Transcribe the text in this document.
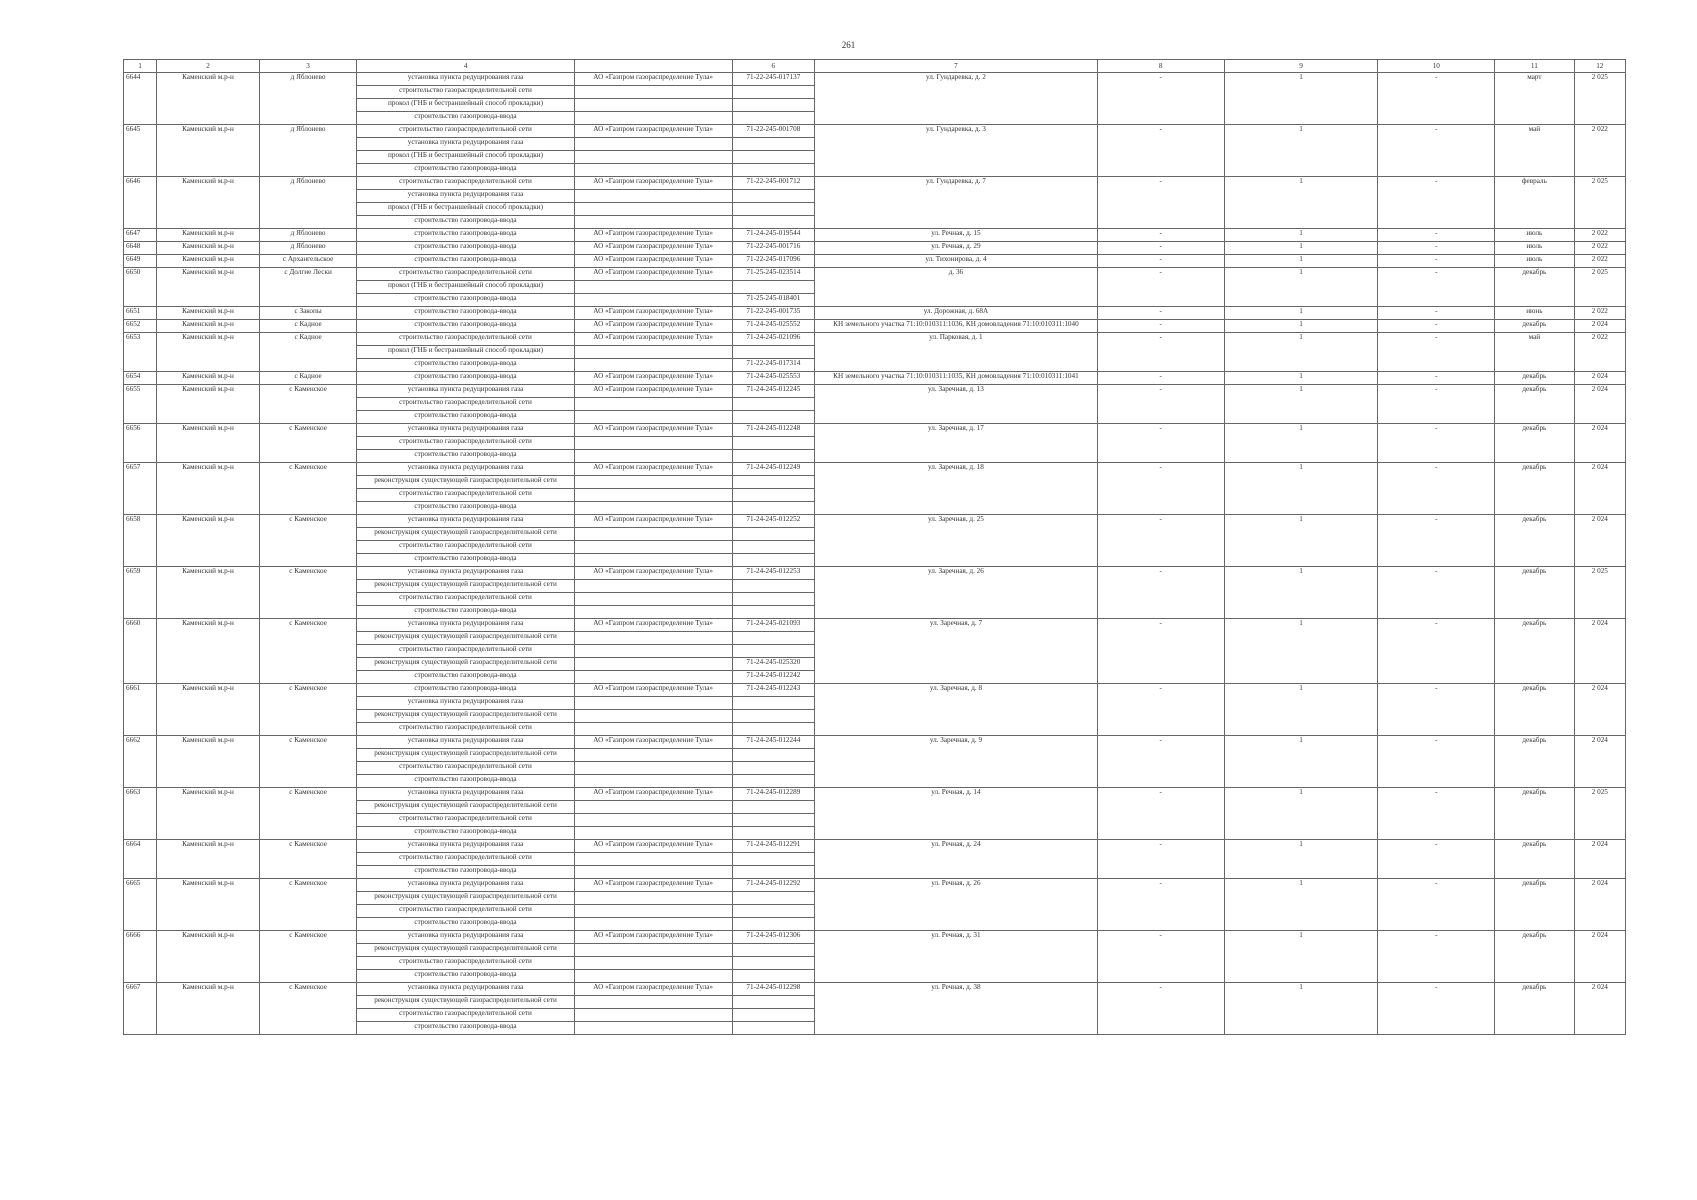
261
1	2	3	4		6	7	8	9	10	11	12
6644	Каменский м.р-н	д Яблонево	установка пункта редуцирования газа	АО «Газпром газораспределение Тула»	71-22-245-017137	ул. Гундаревка, д. 2	-	1	-	март	2 025
			строительство газораспределительной сети								
			прокол (ГНБ и бестраншейный способ прокладки)								
			строительство газопровода-ввода								
6645	Каменский м.р-н	д Яблонево	строительство газораспределительной сети	АО «Газпром газораспределение Тула»	71-22-245-001708	ул. Гундаревка, д. 3	-	1	-	май	2 022
			установка пункта редуцирования газа								
			прокол (ГНБ и бестраншейный способ прокладки)								
			строительство газопровода-ввода								
6646	Каменский м.р-н	д Яблонево	строительство газораспределительной сети	АО «Газпром газораспределение Тула»	71-22-245-001712	ул. Гундаревка, д. 7	-	1	-	февраль	2 025
			установка пункта редуцирования газа								
			прокол (ГНБ и бестраншейный способ прокладки)								
			строительство газопровода-ввода								
6647	Каменский м.р-н	д Яблонево	строительство газопровода-ввода	АО «Газпром газораспределение Тула»	71-24-245-019544	ул. Речная, д. 15	-	1	-	июль	2 022
6648	Каменский м.р-н	д Яблонево	строительство газопровода-ввода	АО «Газпром газораспределение Тула»	71-22-245-001716	ул. Речная, д. 29	-	1	-	июль	2 022
6649	Каменский м.р-н	с Архангельское	строительство газопровода-ввода	АО «Газпром газораспределение Тула»	71-22-245-017096	ул. Тихонирова, д. 4	-	1	-	июль	2 022
6650	Каменский м.р-н	с Долгие Лески	строительство газораспределительной сети	АО «Газпром газораспределение Тула»	71-25-245-023514	д. 36	-	1	-	декабрь	2 025
			прокол (ГНБ и бестраншейный способ прокладки)								
			строительство газопровода-ввода		71-25-245-018401						
6651	Каменский м.р-н	с Закопы	строительство газопровода-ввода	АО «Газпром газораспределение Тула»	71-22-245-001735	ул. Дорожная, д. 68А	-	1	-	июнь	2 022
6652	Каменский м.р-н	с Кадное	строительство газопровода-ввода	АО «Газпром газораспределение Тула»	71-24-245-025552	КН земельного участка 71:10:010311:1036, КН домовладения 71:10:010311:1040	-	1	-	декабрь	2 024
6653	Каменский м.р-н	с Кадное	строительство газораспределительной сети	АО «Газпром газораспределение Тула»	71-24-245-021096	ул. Парковая, д. 1	-	1	-	май	2 022
			прокол (ГНБ и бестраншейный способ прокладки)								
			строительство газопровода-ввода		71-22-245-017314						
6654	Каменский м.р-н	с Кадное	строительство газопровода-ввода	АО «Газпром газораспределение Тула»	71-24-245-025553	КН земельного участка 71:10:010311:1035, КН домовладения 71:10:010311:1041	-	1	-	декабрь	2 024
6655	Каменский м.р-н	с Каменское	установка пункта редуцирования газа	АО «Газпром газораспределение Тула»	71-24-245-012245	ул. Заречная, д. 13	-	1	-	декабрь	2 024
			строительство газораспределительной сети								
			строительство газопровода-ввода								
6656	Каменский м.р-н	с Каменское	установка пункта редуцирования газа	АО «Газпром газораспределение Тула»	71-24-245-012248	ул. Заречная, д. 17	-	1	-	декабрь	2 024
			строительство газораспределительной сети								
			строительство газопровода-ввода								
6657	Каменский м.р-н	с Каменское	установка пункта редуцирования газа	АО «Газпром газораспределение Тула»	71-24-245-012249	ул. Заречная, д. 18	-	1	-	декабрь	2 024
			реконструкция существующей газораспределительной сети								
			строительство газораспределительной сети								
			строительство газопровода-ввода								
6658	Каменский м.р-н	с Каменское	установка пункта редуцирования газа	АО «Газпром газораспределение Тула»	71-24-245-012252	ул. Заречная, д. 25	-	1	-	декабрь	2 024
			реконструкция существующей газораспределительной сети								
			строительство газораспределительной сети								
			строительство газопровода-ввода								
6659	Каменский м.р-н	с Каменское	установка пункта редуцирования газа	АО «Газпром газораспределение Тула»	71-24-245-012253	ул. Заречная, д. 26	-	1	-	декабрь	2 025
			реконструкция существующей газораспределительной сети								
			строительство газораспределительной сети								
			строительство газопровода-ввода								
6660	Каменский м.р-н	с Каменское	установка пункта редуцирования газа	АО «Газпром газораспределение Тула»	71-24-245-021093	ул. Заречная, д. 7	-	1	-	декабрь	2 024
			реконструкция существующей газораспределительной сети								
			строительство газораспределительной сети								
			реконструкция существующей газораспределительной сети		71-24-245-025320						
			строительство газопровода-ввода		71-24-245-012242						
6661	Каменский м.р-н	с Каменское	строительство газопровода-ввода	АО «Газпром газораспределение Тула»	71-24-245-012243	ул. Заречная, д. 8	-	1	-	декабрь	2 024
			установка пункта редуцирования газа								
			реконструкция существующей газораспределительной сети								
			строительство газораспределительной сети								
6662	Каменский м.р-н	с Каменское	установка пункта редуцирования газа	АО «Газпром газораспределение Тула»	71-24-245-012244	ул. Заречная, д. 9	-	1	-	декабрь	2 024
			реконструкция существующей газораспределительной сети								
			строительство газораспределительной сети								
			строительство газопровода-ввода								
6663	Каменский м.р-н	с Каменское	установка пункта редуцирования газа	АО «Газпром газораспределение Тула»	71-24-245-012289	ул. Речная, д. 14	-	1	-	декабрь	2 025
			реконструкция существующей газораспределительной сети								
			строительство газораспределительной сети								
			строительство газопровода-ввода								
6664	Каменский м.р-н	с Каменское	установка пункта редуцирования газа	АО «Газпром газораспределение Тула»	71-24-245-012291	ул. Речная, д. 24	-	1	-	декабрь	2 024
			строительство газораспределительной сети								
			строительство газопровода-ввода								
6665	Каменский м.р-н	с Каменское	установка пункта редуцирования газа	АО «Газпром газораспределение Тула»	71-24-245-012292	ул. Речная, д. 26	-	1	-	декабрь	2 024
			реконструкция существующей газораспределительной сети								
			строительство газораспределительной сети								
			строительство газопровода-ввода								
6666	Каменский м.р-н	с Каменское	установка пункта редуцирования газа	АО «Газпром газораспределение Тула»	71-24-245-012306	ул. Речная, д. 31	-	1	-	декабрь	2 024
			реконструкция существующей газораспределительной сети								
			строительство газораспределительной сети								
			строительство газопровода-ввода								
6667	Каменский м.р-н	с Каменское	установка пункта редуцирования газа	АО «Газпром газораспределение Тула»	71-24-245-012298	ул. Речная, д. 38	-	1	-	декабрь	2 024
			реконструкция существующей газораспределительной сети								
			строительство газораспределительной сети								
			строительство газопровода-ввода								
